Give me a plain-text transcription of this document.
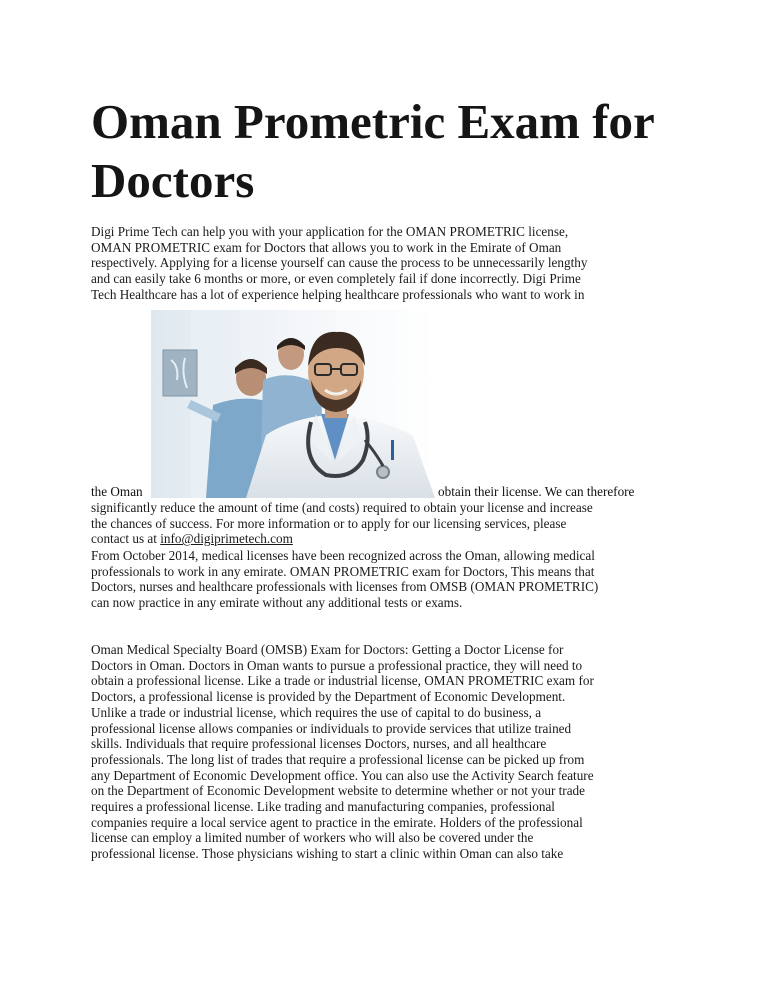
Oman Prometric Exam for Doctors
Digi Prime Tech can help you with your application for the OMAN PROMETRIC license,
OMAN PROMETRIC exam for Doctors that allows you to work in the Emirate of Oman
respectively. Applying for a license yourself can cause the process to be unnecessarily lengthy
and can easily take 6 months or more, or even completely fail if done incorrectly. Digi Prime
Tech Healthcare has a lot of experience helping healthcare professionals who want to work in
the Oman	obtain their license. We can therefore
significantly reduce the amount of time (and costs) required to obtain your license and increase
the chances of success. For more information or to apply for our licensing services, please
contact us at info@digiprimetech.com
From October 2014, medical licenses have been recognized across the Oman, allowing medical
professionals to work in any emirate. OMAN PROMETRIC exam for Doctors, This means that
Doctors, nurses and healthcare professionals with licenses from OMSB (OMAN PROMETRIC)
can now practice in any emirate without any additional tests or exams.
Oman Medical Specialty Board (OMSB) Exam for Doctors: Getting a Doctor License for
Doctors in Oman. Doctors in Oman wants to pursue a professional practice, they will need to
obtain a professional license. Like a trade or industrial license, OMAN PROMETRIC exam for
Doctors, a professional license is provided by the Department of Economic Development.
Unlike a trade or industrial license, which requires the use of capital to do business, a
professional license allows companies or individuals to provide services that utilize trained
skills. Individuals that require professional licenses Doctors, nurses, and all healthcare
professionals. The long list of trades that require a professional license can be picked up from
any Department of Economic Development office. You can also use the Activity Search feature
on the Department of Economic Development website to determine whether or not your trade
requires a professional license. Like trading and manufacturing companies, professional
companies require a local service agent to practice in the emirate. Holders of the professional
license can employ a limited number of workers who will also be covered under the
professional license. Those physicians wishing to start a clinic within Oman can also take
